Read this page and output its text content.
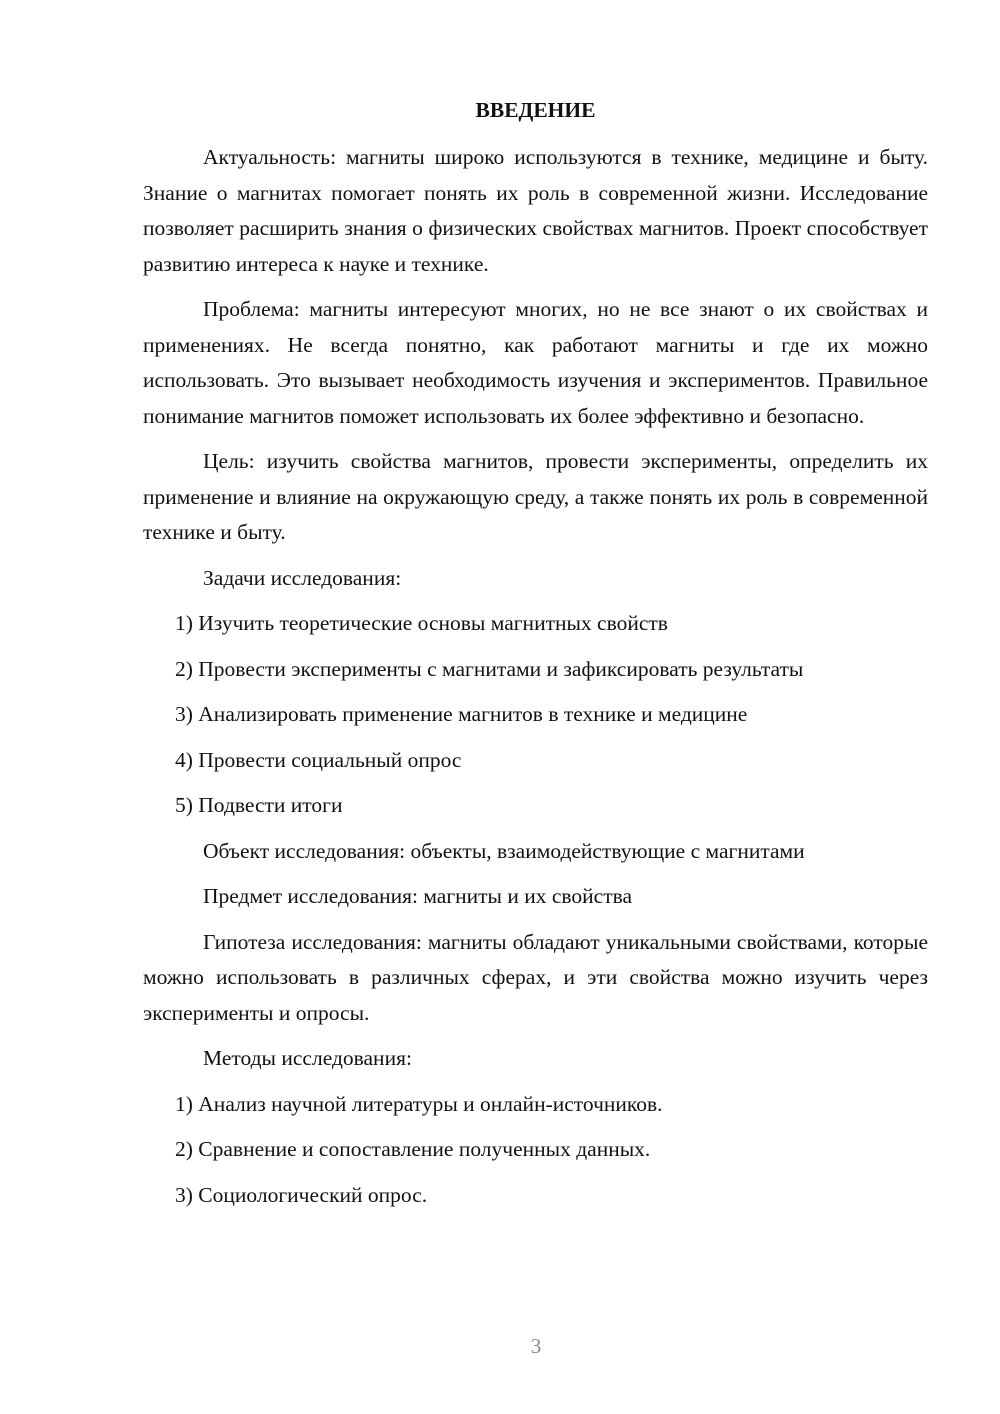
ВВЕДЕНИЕ

Актуальность: магниты широко используются в технике, медицине и быту. Знание о магнитах помогает понять их роль в современной жизни. Исследование позволяет расширить знания о физических свойствах магнитов. Проект способствует развитию интереса к науке и технике.

Проблема: магниты интересуют многих, но не все знают о их свойствах и применениях. Не всегда понятно, как работают магниты и где их можно использовать. Это вызывает необходимость изучения и экспериментов. Правильное понимание магнитов поможет использовать их более эффективно и безопасно.

Цель: изучить свойства магнитов, провести эксперименты, определить их применение и влияние на окружающую среду, а также понять их роль в современной технике и быту.

Задачи исследования:

1) Изучить теоретические основы магнитных свойств
2) Провести эксперименты с магнитами и зафиксировать результаты
3) Анализировать применение магнитов в технике и медицине
4) Провести социальный опрос
5) Подвести итоги

Объект исследования: объекты, взаимодействующие с магнитами

Предмет исследования: магниты и их свойства

Гипотеза исследования: магниты обладают уникальными свойствами, которые можно использовать в различных сферах, и эти свойства можно изучить через эксперименты и опросы.

Методы исследования:

1) Анализ научной литературы и онлайн-источников.
2) Сравнение и сопоставление полученных данных.
3) Социологический опрос.
3
